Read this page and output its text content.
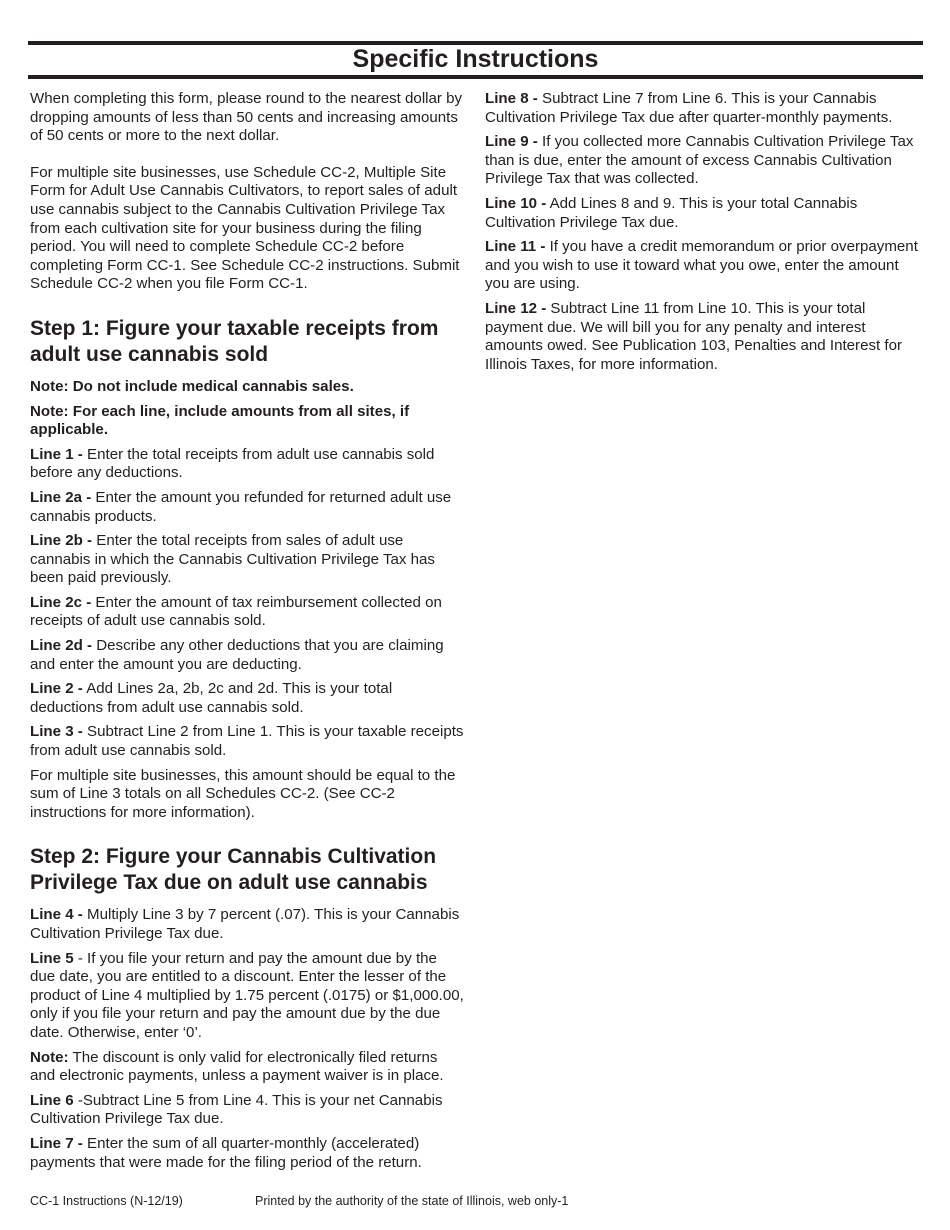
Specific Instructions

When completing this form, please round to the nearest dollar by dropping amounts of less than 50 cents and increasing amounts of 50 cents or more to the next dollar.

For multiple site businesses, use Schedule CC-2, Multiple Site Form for Adult Use Cannabis Cultivators, to report sales of adult use cannabis subject to the Cannabis Cultivation Privilege Tax from each cultivation site for your business during the filing period. You will need to complete Schedule CC-2 before completing Form CC-1. See Schedule CC-2 instructions. Submit Schedule CC-2 when you file Form CC-1.

Step 1: Figure your taxable receipts from adult use cannabis sold

Note: Do not include medical cannabis sales.

Note: For each line, include amounts from all sites, if applicable.

Line 1 - Enter the total receipts from adult use cannabis sold before any deductions.

Line 2a - Enter the amount you refunded for returned adult use cannabis products.

Line 2b - Enter the total receipts from sales of adult use cannabis in which the Cannabis Cultivation Privilege Tax has been paid previously.

Line 2c - Enter the amount of tax reimbursement collected on receipts of adult use cannabis sold.

Line 2d - Describe any other deductions that you are claiming and enter the amount you are deducting.

Line 2 - Add Lines 2a, 2b, 2c and 2d. This is your total deductions from adult use cannabis sold.

Line 3 - Subtract Line 2 from Line 1. This is your taxable receipts from adult use cannabis sold.

For multiple site businesses, this amount should be equal to the sum of Line 3 totals on all Schedules CC-2. (See CC-2 instructions for more information).

Step 2: Figure your Cannabis Cultivation Privilege Tax due on adult use cannabis

Line 4 - Multiply Line 3 by 7 percent (.07). This is your Cannabis Cultivation Privilege Tax due.

Line 5 - If you file your return and pay the amount due by the due date, you are entitled to a discount. Enter the lesser of the product of Line 4 multiplied by 1.75 percent (.0175) or $1,000.00, only if you file your return and pay the amount due by the due date. Otherwise, enter ‘0’.

Note: The discount is only valid for electronically filed returns and electronic payments, unless a payment waiver is in place.

Line 6 -Subtract Line 5 from Line 4. This is your net Cannabis Cultivation Privilege Tax due.

Line 7 - Enter the sum of all quarter-monthly (accelerated) payments that were made for the filing period of the return.

Line 8 - Subtract Line 7 from Line 6. This is your Cannabis Cultivation Privilege Tax due after quarter-monthly payments.

Line 9 - If you collected more Cannabis Cultivation Privilege Tax than is due, enter the amount of excess Cannabis Cultivation Privilege Tax that was collected.

Line 10 - Add Lines 8 and 9. This is your total Cannabis Cultivation Privilege Tax due.

Line 11 - If you have a credit memorandum or prior overpayment and you wish to use it toward what you owe, enter the amount you are using.

Line 12 - Subtract Line 11 from Line 10. This is your total payment due. We will bill you for any penalty and interest amounts owed. See Publication 103, Penalties and Interest for Illinois Taxes, for more information.

CC-1 Instructions (N-12/19)	Printed by the authority of the state of Illinois, web only-1
